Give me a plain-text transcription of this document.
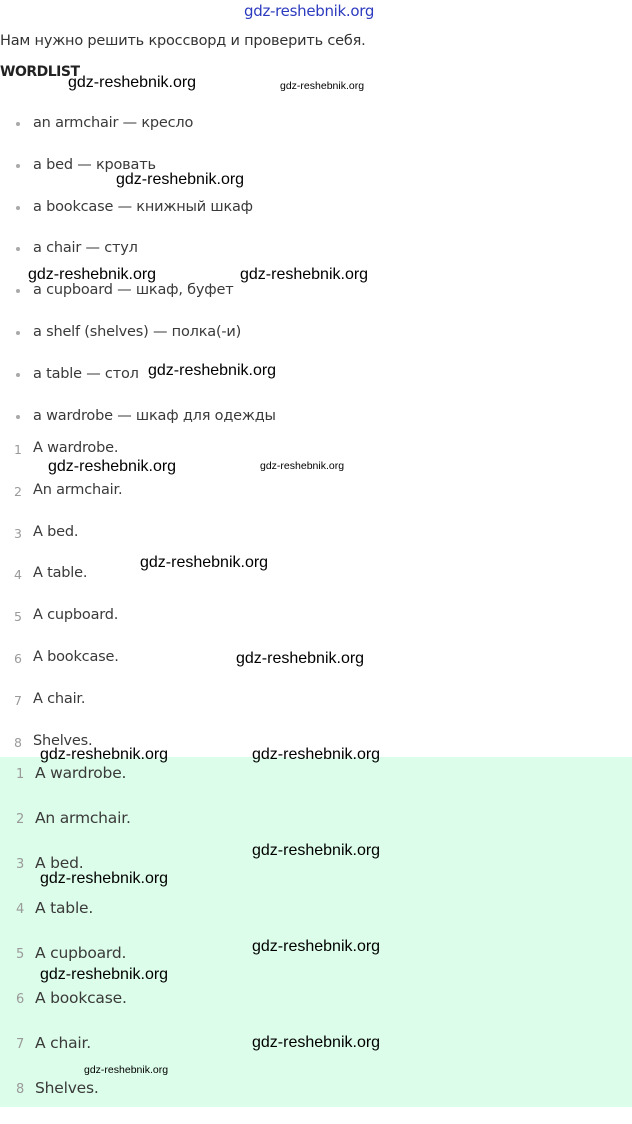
gdz-reshebnik.org
Нам нужно решить кроссворд и проверить себя.
WORDLIST
an armchair — кресло
a bed — кровать
a bookcase — книжный шкаф
a chair — стул
a cupboard — шкаф, буфет
a shelf (shelves) — полка(-и)
a table — стол
a wardrobe — шкаф для одежды
1 A wardrobe.
2 An armchair.
3 A bed.
4 A table.
5 A cupboard.
6 A bookcase.
7 A chair.
8 Shelves.
1 A wardrobe.
2 An armchair.
3 A bed.
4 A table.
5 A cupboard.
6 A bookcase.
7 A chair.
8 Shelves.
gdz-reshebnik.org	gdz-reshebnik.org
gdz-reshebnik.org
gdz-reshebnik.org	gdz-reshebnik.org
gdz-reshebnik.org
gdz-reshebnik.org	gdz-reshebnik.org
gdz-reshebnik.org
gdz-reshebnik.org
gdz-reshebnik.org	gdz-reshebnik.org
gdz-reshebnik.org
gdz-reshebnik.org
gdz-reshebnik.org
gdz-reshebnik.org
gdz-reshebnik.org
gdz-reshebnik.org
